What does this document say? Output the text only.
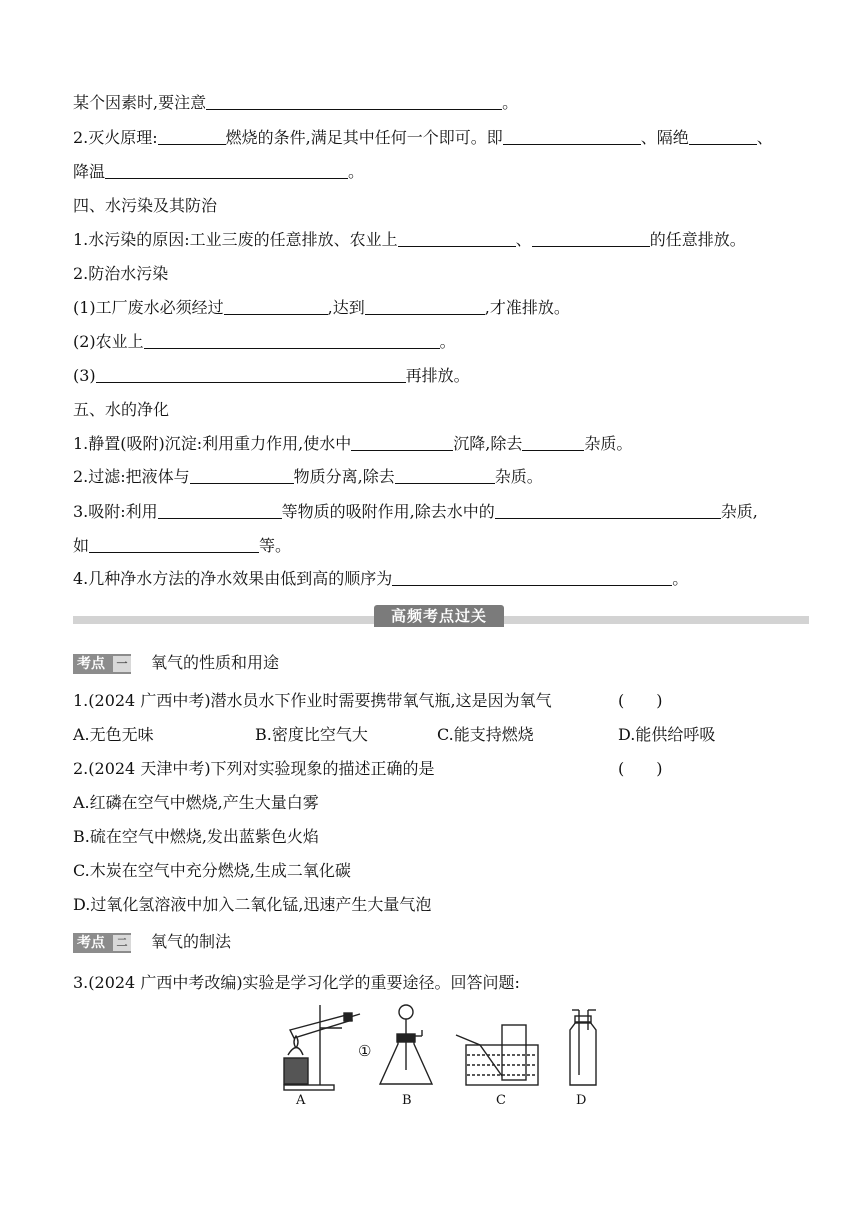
某个因素时,要注意	。
2.灭火原理:	燃烧的条件,满足其中任何一个即可。即	、隔绝	、
降温	。
四、水污染及其防治
1.水污染的原因:工业三废的任意排放、农业上	、	的任意排放。
2.防治水污染
(1)工厂废水必须经过	,达到	,才准排放。
(2)农业上	。
(3)	再排放。
五、水的净化
1.静置(吸附)沉淀:利用重力作用,使水中	沉降,除去	杂质。
2.过滤:把液体与	物质分离,除去	杂质。
3.吸附:利用	等物质的吸附作用,除去水中的	杂质,
如	等。
4.几种净水方法的净水效果由低到高的顺序为	。
高频考点过关
考点	一 氧气的性质和用途
1.(2024 广西中考)潜水员水下作业时需要携带氧气瓶,这是因为氧气	(　　)
A.无色无味	B.密度比空气大	C.能支持燃烧	D.能供给呼吸
2.(2024 天津中考)下列对实验现象的描述正确的是	(　　)
A.红磷在空气中燃烧,产生大量白雾
B.硫在空气中燃烧,发出蓝紫色火焰
C.木炭在空气中充分燃烧,生成二氧化碳
D.过氧化氢溶液中加入二氧化锰,迅速产生大量气泡
考点	二 氧气的制法
3.(2024 广西中考改编)实验是学习化学的重要途径。回答问题:
A	B	C	D
①
